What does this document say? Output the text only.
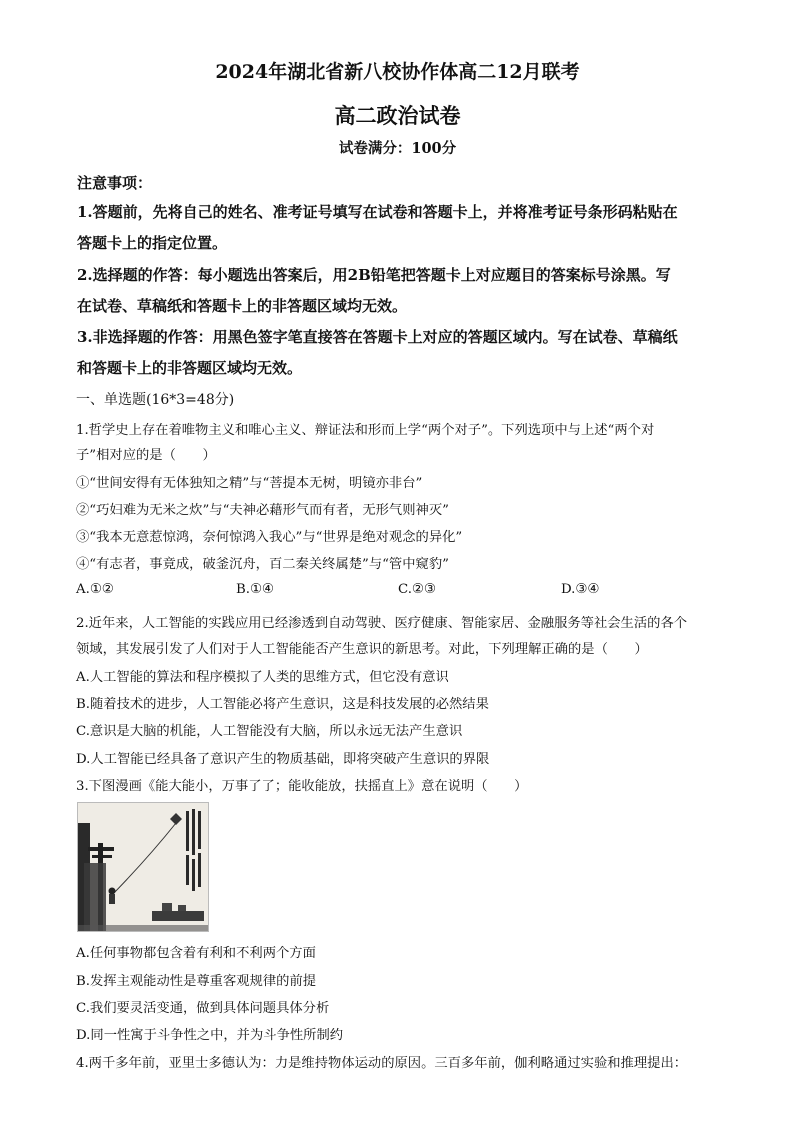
2024年湖北省新八校协作体高二12月联考
高二政治试卷
试卷满分：100分
注意事项：
1.答题前，先将自己的姓名、准考证号填写在试卷和答题卡上，并将准考证号条形码粘贴在
答题卡上的指定位置。
2.选择题的作答：每小题选出答案后，用2B铅笔把答题卡上对应题目的答案标号涂黑。写
在试卷、草稿纸和答题卡上的非答题区域均无效。
3.非选择题的作答：用黑色签字笔直接答在答题卡上对应的答题区域内。写在试卷、草稿纸
和答题卡上的非答题区域均无效。
一、单选题(16*3=48分)
1.哲学史上存在着唯物主义和唯心主义、辩证法和形而上学“两个对子”。下列选项中与上述“两个对
子”相对应的是（　　）
①“世间安得有无体独知之精”与“菩提本无树，明镜亦非台”
②“巧妇难为无米之炊”与“夫神必藉形气而有者，无形气则神灭”
③“我本无意惹惊鸿，奈何惊鸿入我心”与“世界是绝对观念的异化”
④“有志者，事竟成，破釜沉舟，百二秦关终属楚”与“管中窥豹”
A.①②	B.①④	C.②③	D.③④
2.近年来，人工智能的实践应用已经渗透到自动驾驶、医疗健康、智能家居、金融服务等社会生活的各个
领域，其发展引发了人们对于人工智能能否产生意识的新思考。对此，下列理解正确的是（　　）
A.人工智能的算法和程序模拟了人类的思维方式，但它没有意识
B.随着技术的进步，人工智能必将产生意识，这是科技发展的必然结果
C.意识是大脑的机能，人工智能没有大脑，所以永远无法产生意识
D.人工智能已经具备了意识产生的物质基础，即将突破产生意识的界限
3.下图漫画《能大能小，万事了了；能收能放，扶摇直上》意在说明（　　）
A.任何事物都包含着有利和不利两个方面
B.发挥主观能动性是尊重客观规律的前提
C.我们要灵活变通，做到具体问题具体分析
D.同一性寓于斗争性之中，并为斗争性所制约
4.两千多年前，亚里士多德认为：力是维持物体运动的原因。三百多年前，伽利略通过实验和推理提出：
